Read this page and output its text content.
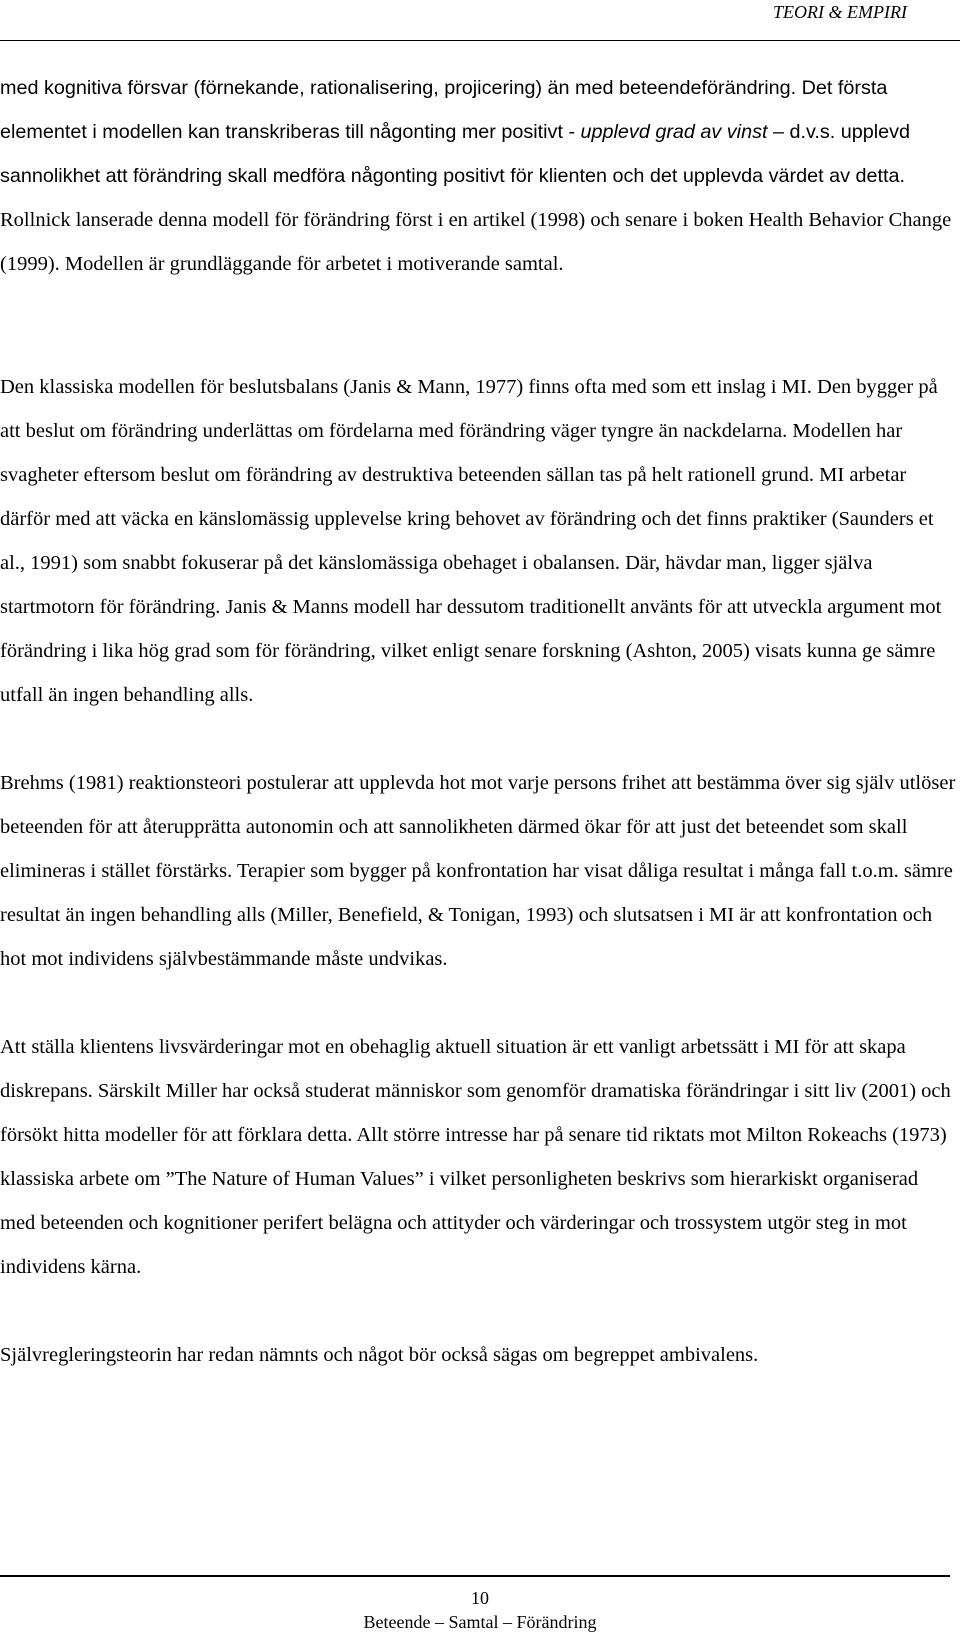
TEORI & EMPIRI

med kognitiva försvar (förnekande, rationalisering, projicering) än med beteendeförändring. Det första elementet i modellen kan transkriberas till någonting mer positivt - upplevd grad av vinst – d.v.s. upplevd sannolikhet att förändring skall medföra någonting positivt för klienten och det upplevda värdet av detta. Rollnick lanserade denna modell för förändring först i en artikel (1998) och senare i boken Health Behavior Change (1999). Modellen är grundläggande för arbetet i motiverande samtal.

Den klassiska modellen för beslutsbalans (Janis & Mann, 1977) finns ofta med som ett inslag i MI. Den bygger på att beslut om förändring underlättas om fördelarna med förändring väger tyngre än nackdelarna. Modellen har svagheter eftersom beslut om förändring av destruktiva beteenden sällan tas på helt rationell grund. MI arbetar därför med att väcka en känslomässig upplevelse kring behovet av förändring och det finns praktiker (Saunders et al., 1991) som snabbt fokuserar på det känslomässiga obehaget i obalansen. Där, hävdar man, ligger själva startmotorn för förändring. Janis & Manns modell har dessutom traditionellt använts för att utveckla argument mot förändring i lika hög grad som för förändring, vilket enligt senare forskning (Ashton, 2005) visats kunna ge sämre utfall än ingen behandling alls.

Brehms (1981) reaktionsteori postulerar att upplevda hot mot varje persons frihet att bestämma över sig själv utlöser beteenden för att återupprätta autonomin och att sannolikheten därmed ökar för att just det beteendet som skall elimineras i stället förstärks. Terapier som bygger på konfrontation har visat dåliga resultat i många fall t.o.m. sämre resultat än ingen behandling alls (Miller, Benefield, & Tonigan, 1993) och slutsatsen i MI är att konfrontation och hot mot individens självbestämmande måste undvikas.

Att ställa klientens livsvärderingar mot en obehaglig aktuell situation är ett vanligt arbetssätt i MI för att skapa diskrepans. Särskilt Miller har också studerat människor som genomför dramatiska förändringar i sitt liv (2001) och försökt hitta modeller för att förklara detta. Allt större intresse har på senare tid riktats mot Milton Rokeachs (1973) klassiska arbete om ”The Nature of Human Values” i vilket personligheten beskrivs som hierarkiskt organiserad med beteenden och kognitioner perifert belägna och attityder och värderingar och trossystem utgör steg in mot individens kärna.

Självregleringsteorin har redan nämnts och något bör också sägas om begreppet ambivalens.

10
Beteende – Samtal – Förändring
